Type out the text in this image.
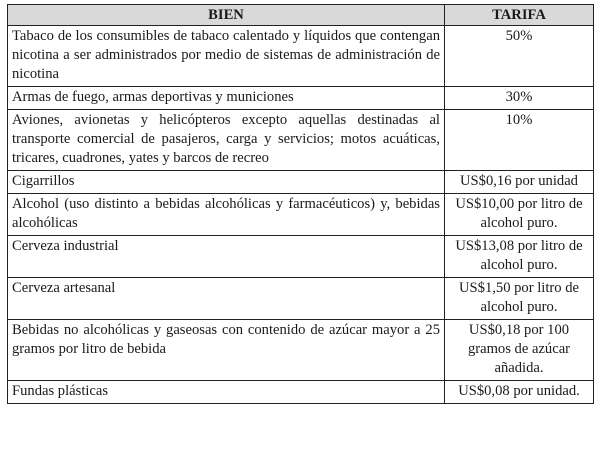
BIEN	TARIFA
Tabaco de los consumibles de tabaco calentado y líquidos que contengan nicotina a ser administrados por medio de sistemas de administración de nicotina	50%
Armas de fuego, armas deportivas y municiones	30%
Aviones, avionetas y helicópteros excepto aquellas destinadas al transporte comercial de pasajeros, carga y servicios; motos acuáticas, tricares, cuadrones, yates y barcos de recreo	10%
Cigarrillos	US$0,16 por unidad
Alcohol (uso distinto a bebidas alcohólicas y farmacéuticos) y, bebidas alcohólicas	US$10,00 por litro de alcohol puro.
Cerveza industrial	US$13,08 por litro de alcohol puro.
Cerveza artesanal	US$1,50 por litro de alcohol puro.
Bebidas no alcohólicas y gaseosas con contenido de azúcar mayor a 25 gramos por litro de bebida	US$0,18 por 100 gramos de azúcar añadida.
Fundas plásticas	US$0,08 por unidad.
